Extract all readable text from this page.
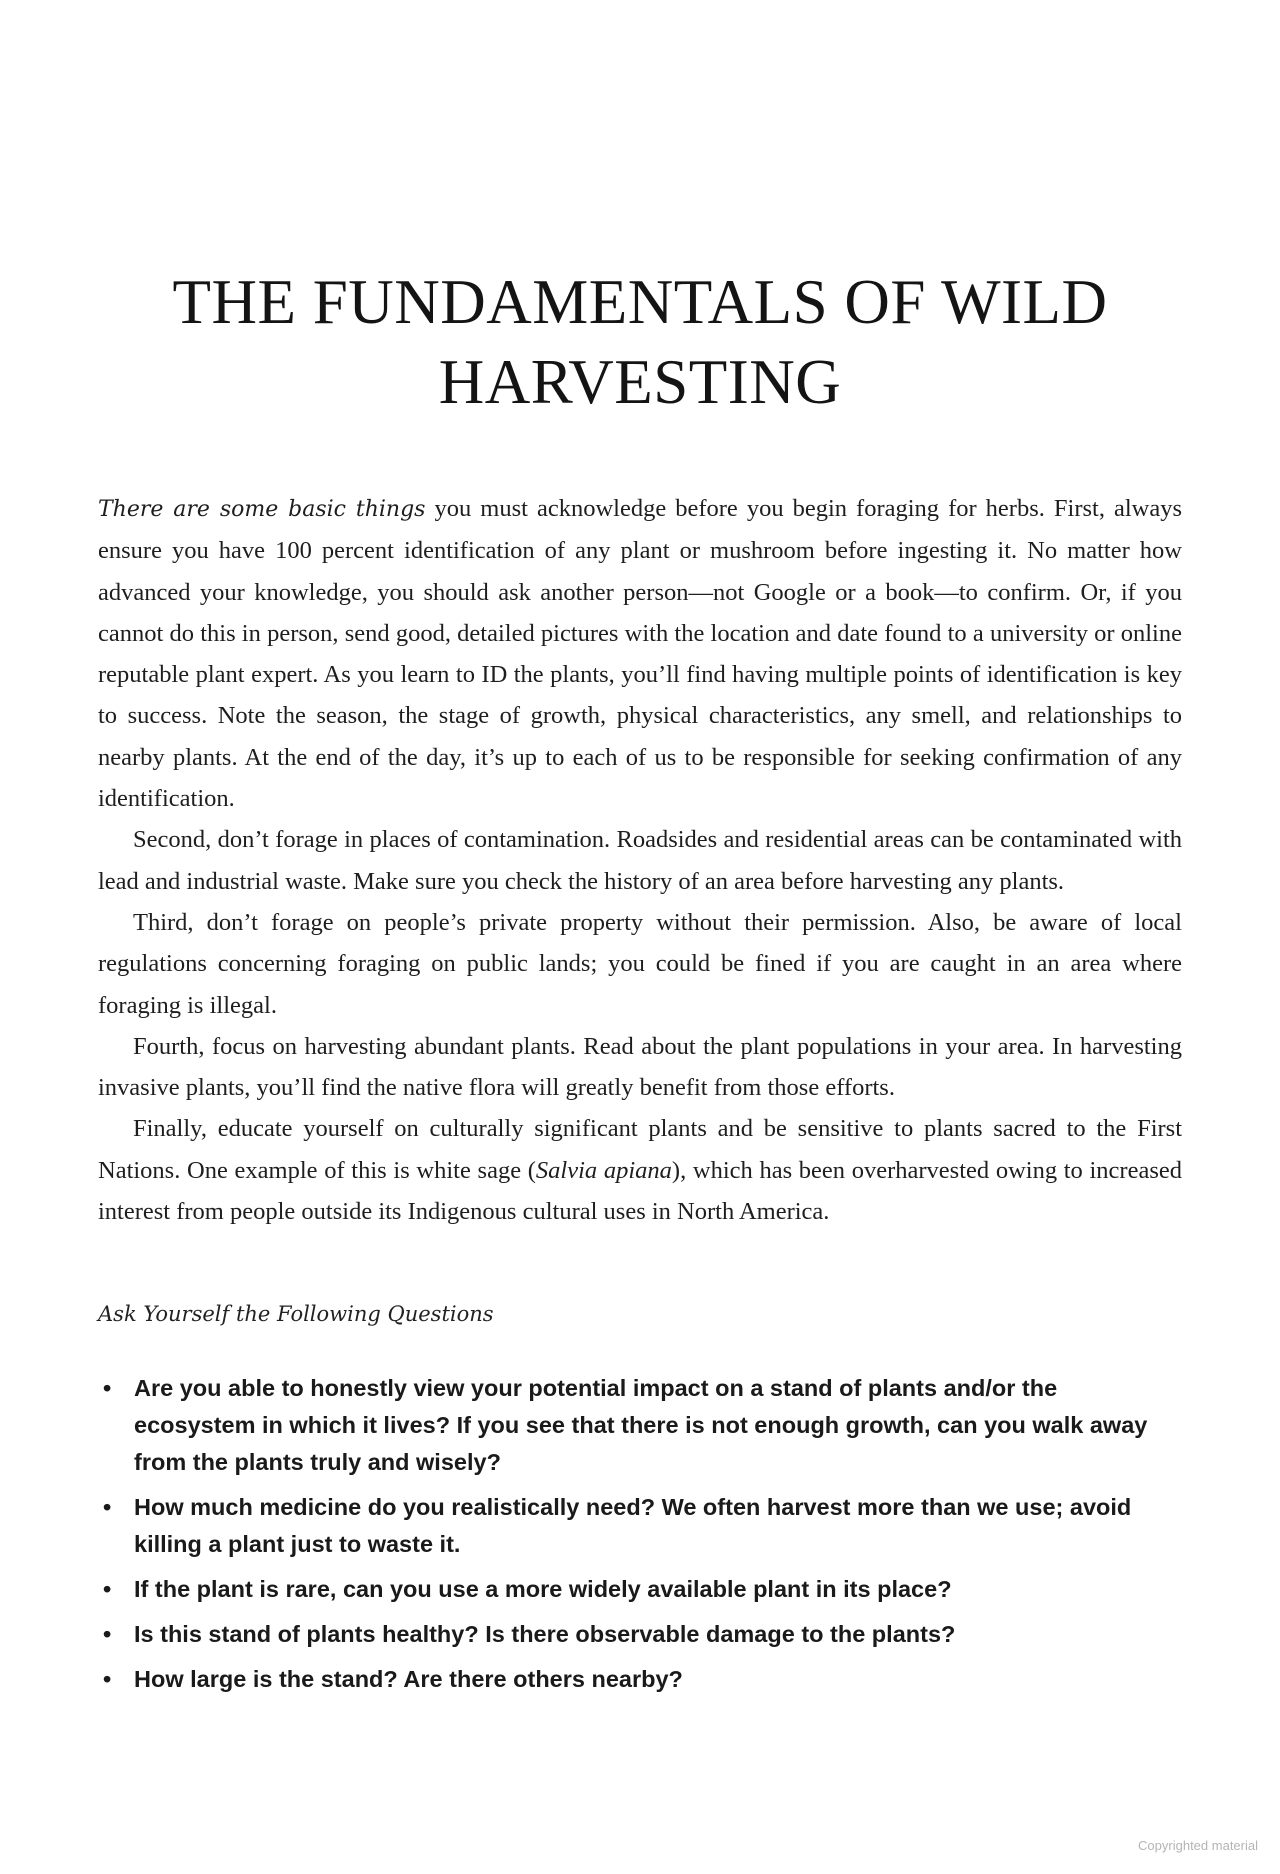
THE FUNDAMENTALS OF WILD
HARVESTING

There are some basic things you must acknowledge before you begin foraging for herbs. First, always ensure you have 100 percent identification of any plant or mushroom before ingesting it. No matter how advanced your knowledge, you should ask another person—not Google or a book—to confirm. Or, if you cannot do this in person, send good, detailed pictures with the location and date found to a university or online reputable plant expert. As you learn to ID the plants, you’ll find having multiple points of identification is key to success. Note the season, the stage of growth, physical characteristics, any smell, and relationships to nearby plants. At the end of the day, it’s up to each of us to be responsible for seeking confirmation of any identification.

Second, don’t forage in places of contamination. Roadsides and residential areas can be contaminated with lead and industrial waste. Make sure you check the history of an area before harvesting any plants.

Third, don’t forage on people’s private property without their permission. Also, be aware of local regulations concerning foraging on public lands; you could be fined if you are caught in an area where foraging is illegal.

Fourth, focus on harvesting abundant plants. Read about the plant populations in your area. In harvesting invasive plants, you’ll find the native flora will greatly benefit from those efforts.

Finally, educate yourself on culturally significant plants and be sensitive to plants sacred to the First Nations. One example of this is white sage (Salvia apiana), which has been overharvested owing to increased interest from people outside its Indigenous cultural uses in North America.

Ask Yourself the Following Questions
• Are you able to honestly view your potential impact on a stand of plants and/or the ecosystem in which it lives? If you see that there is not enough growth, can you walk away from the plants truly and wisely?
• How much medicine do you realistically need? We often harvest more than we use; avoid killing a plant just to waste it.
• If the plant is rare, can you use a more widely available plant in its place?
• Is this stand of plants healthy? Is there observable damage to the plants?
• How large is the stand? Are there others nearby?
Copyrighted material
